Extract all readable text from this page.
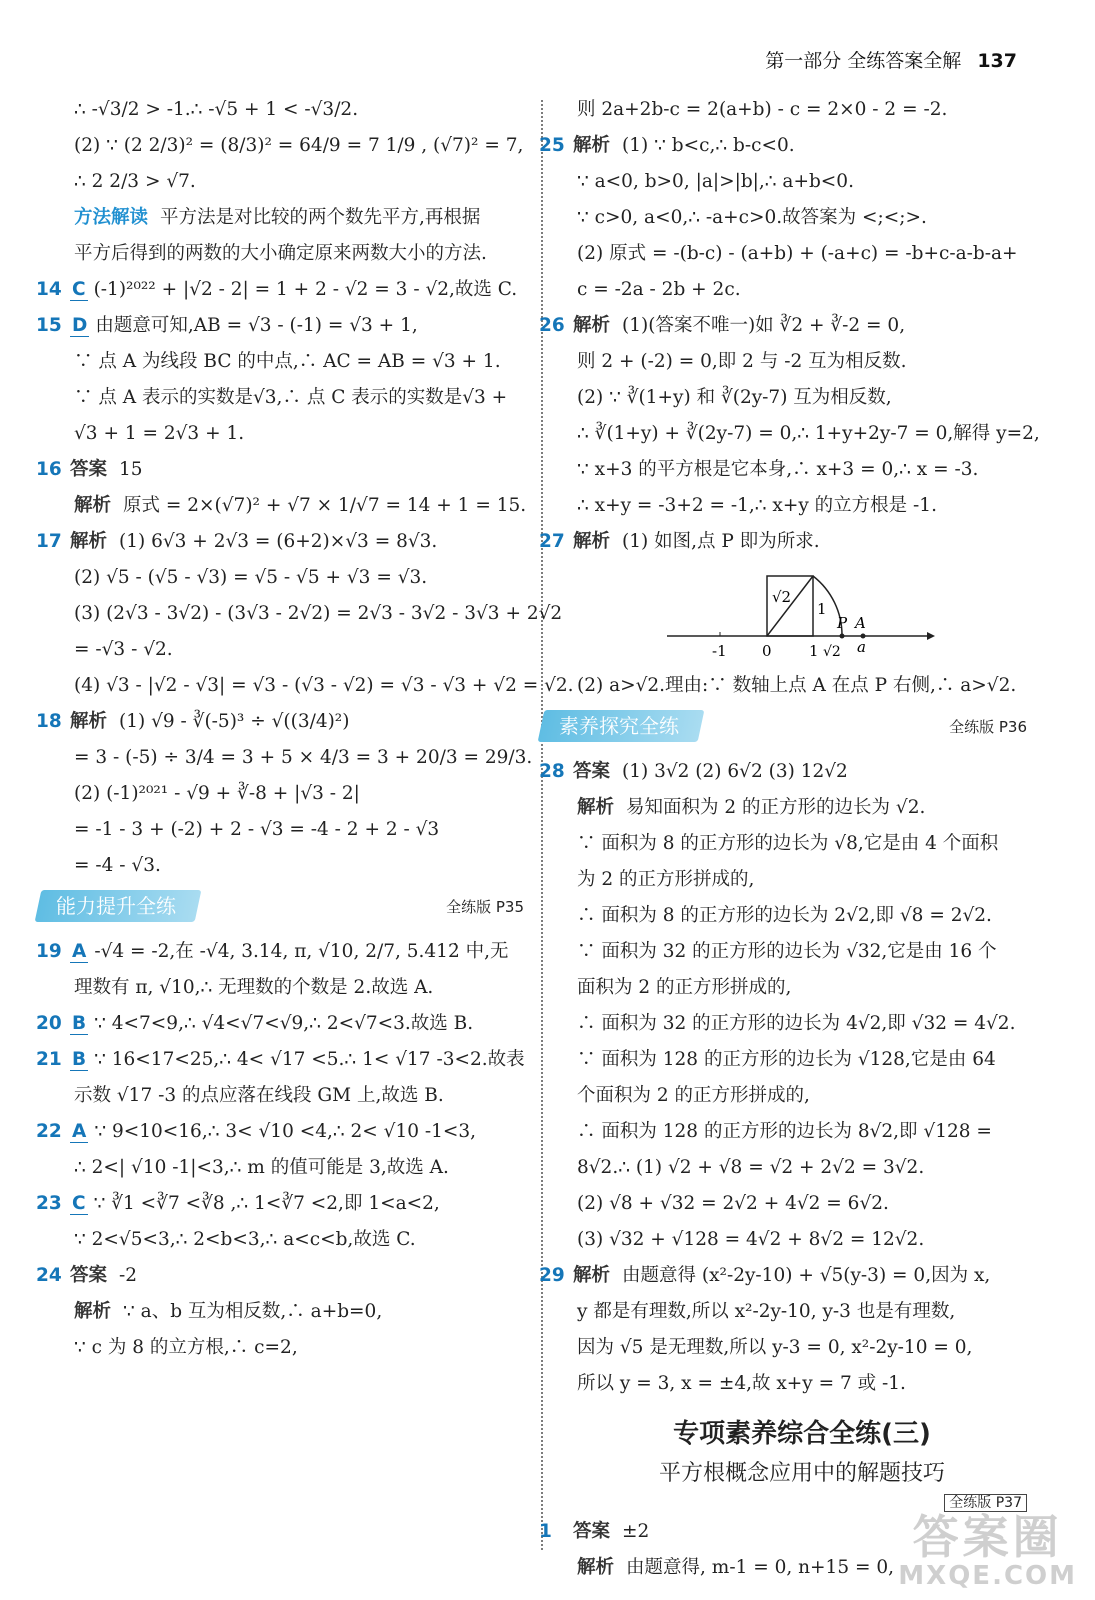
第一部分 全练答案全解 137
∴ -√3/2 > -1.∴ -√5 + 1 < -√3/2.
(2) ∵ (2 2/3)² = (8/3)² = 64/9 = 7 1/9 , (√7)² = 7,
∴ 2 2/3 > √7.
方法解读 平方法是对比较的两个数先平方,再根据
平方后得到的两数的大小确定原来两数大小的方法.
14 C (-1)²⁰²² + |√2 - 2| = 1 + 2 - √2 = 3 - √2,故选 C.
15 D 由题意可知,AB = √3 - (-1) = √3 + 1,
∵ 点 A 为线段 BC 的中点,∴ AC = AB = √3 + 1.
∵ 点 A 表示的实数是√3,∴ 点 C 表示的实数是√3 +
√3 + 1 = 2√3 + 1.
16 答案 15
解析 原式 = 2×(√7)² + √7 × 1/√7 = 14 + 1 = 15.
17 解析 (1) 6√3 + 2√3 = (6+2)×√3 = 8√3.
(2) √5 - (√5 - √3) = √5 - √5 + √3 = √3.
(3) (2√3 - 3√2) - (3√3 - 2√2) = 2√3 - 3√2 - 3√3 + 2√2
= -√3 - √2.
(4) √3 - |√2 - √3| = √3 - (√3 - √2) = √3 - √3 + √2 = √2.
18 解析 (1) √9 - ∛(-5)³ ÷ √((3/4)²)
= 3 - (-5) ÷ 3/4 = 3 + 5 × 4/3 = 3 + 20/3 = 29/3.
(2) (-1)²⁰²¹ - √9 + ∛-8 + |√3 - 2|
= -1 - 3 + (-2) + 2 - √3 = -4 - 2 + 2 - √3
= -4 - √3.
能力提升全练	全练版 P35
19 A -√4 = -2,在 -√4, 3.14, π, √10, 2/7, 5.4̇12̇ 中,无
理数有 π, √10,∴ 无理数的个数是 2.故选 A.
20 B ∵ 4<7<9,∴ √4<√7<√9,∴ 2<√7<3.故选 B.
21 B ∵ 16<17<25,∴ 4< √17 <5.∴ 1< √17 -3<2.故表
示数 √17 -3 的点应落在线段 GM 上,故选 B.
22 A ∵ 9<10<16,∴ 3< √10 <4,∴ 2< √10 -1<3,
∴ 2<| √10 -1|<3,∴ m 的值可能是 3,故选 A.
23 C ∵ ∛1 <∛7 <∛8 ,∴ 1<∛7 <2,即 1<a<2,
∵ 2<√5<3,∴ 2<b<3,∴ a<c<b,故选 C.
24 答案 -2
解析 ∵ a、b 互为相反数,∴ a+b=0,
∵ c 为 8 的立方根,∴ c=2,
则 2a+2b-c = 2(a+b) - c = 2×0 - 2 = -2.
25 解析 (1) ∵ b<c,∴ b-c<0.
∵ a<0, b>0, |a|>|b|,∴ a+b<0.
∵ c>0, a<0,∴ -a+c>0.故答案为 <;<;>.
(2) 原式 = -(b-c) - (a+b) + (-a+c) = -b+c-a-b-a+
c = -2a - 2b + 2c.
26 解析 (1)(答案不唯一)如 ∛2 + ∛-2 = 0,
则 2 + (-2) = 0,即 2 与 -2 互为相反数.
(2) ∵ ∛(1+y) 和 ∛(2y-7) 互为相反数,
∴ ∛(1+y) + ∛(2y-7) = 0,∴ 1+y+2y-7 = 0,解得 y=2,
∵ x+3 的平方根是它本身,∴ x+3 = 0,∴ x = -3.
∴ x+y = -3+2 = -1,∴ x+y 的立方根是 -1.
27 解析 (1) 如图,点 P 即为所求.
√2
1
-1 0 1 √2
P A
a
(2) a>√2.理由:∵ 数轴上点 A 在点 P 右侧,∴ a>√2.
素养探究全练	全练版 P36
28 答案 (1) 3√2 (2) 6√2 (3) 12√2
解析 易知面积为 2 的正方形的边长为 √2.
∵ 面积为 8 的正方形的边长为 √8,它是由 4 个面积
为 2 的正方形拼成的,
∴ 面积为 8 的正方形的边长为 2√2,即 √8 = 2√2.
∵ 面积为 32 的正方形的边长为 √32,它是由 16 个
面积为 2 的正方形拼成的,
∴ 面积为 32 的正方形的边长为 4√2,即 √32 = 4√2.
∵ 面积为 128 的正方形的边长为 √128,它是由 64
个面积为 2 的正方形拼成的,
∴ 面积为 128 的正方形的边长为 8√2,即 √128 =
8√2.∴ (1) √2 + √8 = √2 + 2√2 = 3√2.
(2) √8 + √32 = 2√2 + 4√2 = 6√2.
(3) √32 + √128 = 4√2 + 8√2 = 12√2.
29 解析 由题意得 (x²-2y-10) + √5(y-3) = 0,因为 x,
y 都是有理数,所以 x²-2y-10, y-3 也是有理数,
因为 √5 是无理数,所以 y-3 = 0, x²-2y-10 = 0,
所以 y = 3, x = ±4,故 x+y = 7 或 -1.
专项素养综合全练(三)
平方根概念应用中的解题技巧
全练版 P37
1 答案 ±2
解析 由题意得, m-1 = 0, n+15 = 0,
答案圈
MXQE.COM
